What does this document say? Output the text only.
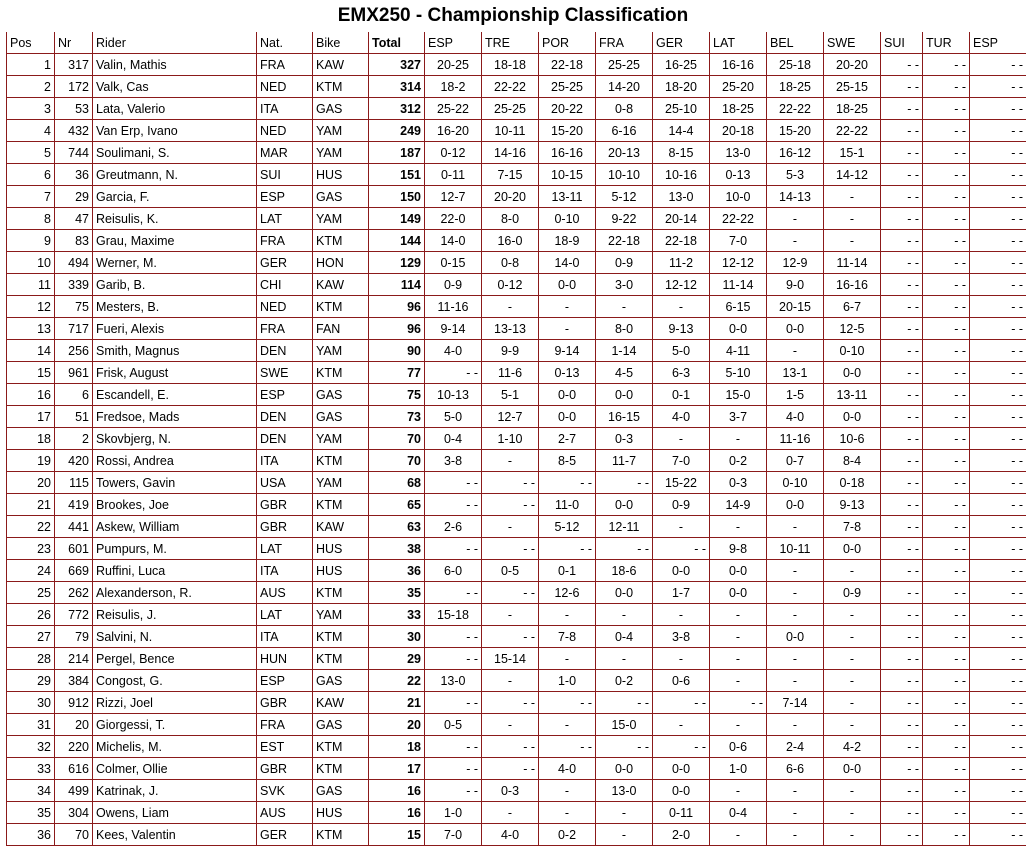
EMX250 - Championship Classification
Pos	Nr	Rider	Nat.	Bike	Total	ESP	TRE	POR	FRA	GER	LAT	BEL	SWE	SUI	TUR	ESP
1	317	Valin, Mathis	FRA	KAW	327	20-25	18-18	22-18	25-25	16-25	16-16	25-18	20-20	- -	- -	- -
2	172	Valk, Cas	NED	KTM	314	18-2	22-22	25-25	14-20	18-20	25-20	18-25	25-15	- -	- -	- -
3	53	Lata, Valerio	ITA	GAS	312	25-22	25-25	20-22	0-8	25-10	18-25	22-22	18-25	- -	- -	- -
4	432	Van Erp, Ivano	NED	YAM	249	16-20	10-11	15-20	6-16	14-4	20-18	15-20	22-22	- -	- -	- -
5	744	Soulimani, S.	MAR	YAM	187	0-12	14-16	16-16	20-13	8-15	13-0	16-12	15-1	- -	- -	- -
6	36	Greutmann, N.	SUI	HUS	151	0-11	7-15	10-15	10-10	10-16	0-13	5-3	14-12	- -	- -	- -
7	29	Garcia, F.	ESP	GAS	150	12-7	20-20	13-11	5-12	13-0	10-0	14-13	-	- -	- -	- -
8	47	Reisulis, K.	LAT	YAM	149	22-0	8-0	0-10	9-22	20-14	22-22	-	-	- -	- -	- -
9	83	Grau, Maxime	FRA	KTM	144	14-0	16-0	18-9	22-18	22-18	7-0	-	-	- -	- -	- -
10	494	Werner, M.	GER	HON	129	0-15	0-8	14-0	0-9	11-2	12-12	12-9	11-14	- -	- -	- -
11	339	Garib, B.	CHI	KAW	114	0-9	0-12	0-0	3-0	12-12	11-14	9-0	16-16	- -	- -	- -
12	75	Mesters, B.	NED	KTM	96	11-16	-	-	-	-	6-15	20-15	6-7	- -	- -	- -
13	717	Fueri, Alexis	FRA	FAN	96	9-14	13-13	-	8-0	9-13	0-0	0-0	12-5	- -	- -	- -
14	256	Smith, Magnus	DEN	YAM	90	4-0	9-9	9-14	1-14	5-0	4-11	-	0-10	- -	- -	- -
15	961	Frisk, August	SWE	KTM	77	- -	11-6	0-13	4-5	6-3	5-10	13-1	0-0	- -	- -	- -
16	6	Escandell, E.	ESP	GAS	75	10-13	5-1	0-0	0-0	0-1	15-0	1-5	13-11	- -	- -	- -
17	51	Fredsoe, Mads	DEN	GAS	73	5-0	12-7	0-0	16-15	4-0	3-7	4-0	0-0	- -	- -	- -
18	2	Skovbjerg, N.	DEN	YAM	70	0-4	1-10	2-7	0-3	-	-	11-16	10-6	- -	- -	- -
19	420	Rossi, Andrea	ITA	KTM	70	3-8	-	8-5	11-7	7-0	0-2	0-7	8-4	- -	- -	- -
20	115	Towers, Gavin	USA	YAM	68	- -	- -	- -	- -	15-22	0-3	0-10	0-18	- -	- -	- -
21	419	Brookes, Joe	GBR	KTM	65	- -	- -	11-0	0-0	0-9	14-9	0-0	9-13	- -	- -	- -
22	441	Askew, William	GBR	KAW	63	2-6	-	5-12	12-11	-	-	-	7-8	- -	- -	- -
23	601	Pumpurs, M.	LAT	HUS	38	- -	- -	- -	- -	- -	9-8	10-11	0-0	- -	- -	- -
24	669	Ruffini, Luca	ITA	HUS	36	6-0	0-5	0-1	18-6	0-0	0-0	-	-	- -	- -	- -
25	262	Alexanderson, R.	AUS	KTM	35	- -	- -	12-6	0-0	1-7	0-0	-	0-9	- -	- -	- -
26	772	Reisulis, J.	LAT	YAM	33	15-18	-	-	-	-	-	-	-	- -	- -	- -
27	79	Salvini, N.	ITA	KTM	30	- -	- -	7-8	0-4	3-8	-	0-0	-	- -	- -	- -
28	214	Pergel, Bence	HUN	KTM	29	- -	15-14	-	-	-	-	-	-	- -	- -	- -
29	384	Congost, G.	ESP	GAS	22	13-0	-	1-0	0-2	0-6	-	-	-	- -	- -	- -
30	912	Rizzi, Joel	GBR	KAW	21	- -	- -	- -	- -	- -	- -	7-14	-	- -	- -	- -
31	20	Giorgessi, T.	FRA	GAS	20	0-5	-	-	15-0	-	-	-	-	- -	- -	- -
32	220	Michelis, M.	EST	KTM	18	- -	- -	- -	- -	- -	0-6	2-4	4-2	- -	- -	- -
33	616	Colmer, Ollie	GBR	KTM	17	- -	- -	4-0	0-0	0-0	1-0	6-6	0-0	- -	- -	- -
34	499	Katrinak, J.	SVK	GAS	16	- -	0-3	-	13-0	0-0	-	-	-	- -	- -	- -
35	304	Owens, Liam	AUS	HUS	16	1-0	-	-	-	0-11	0-4	-	-	- -	- -	- -
36	70	Kees, Valentin	GER	KTM	15	7-0	4-0	0-2	-	2-0	-	-	-	- -	- -	- -
